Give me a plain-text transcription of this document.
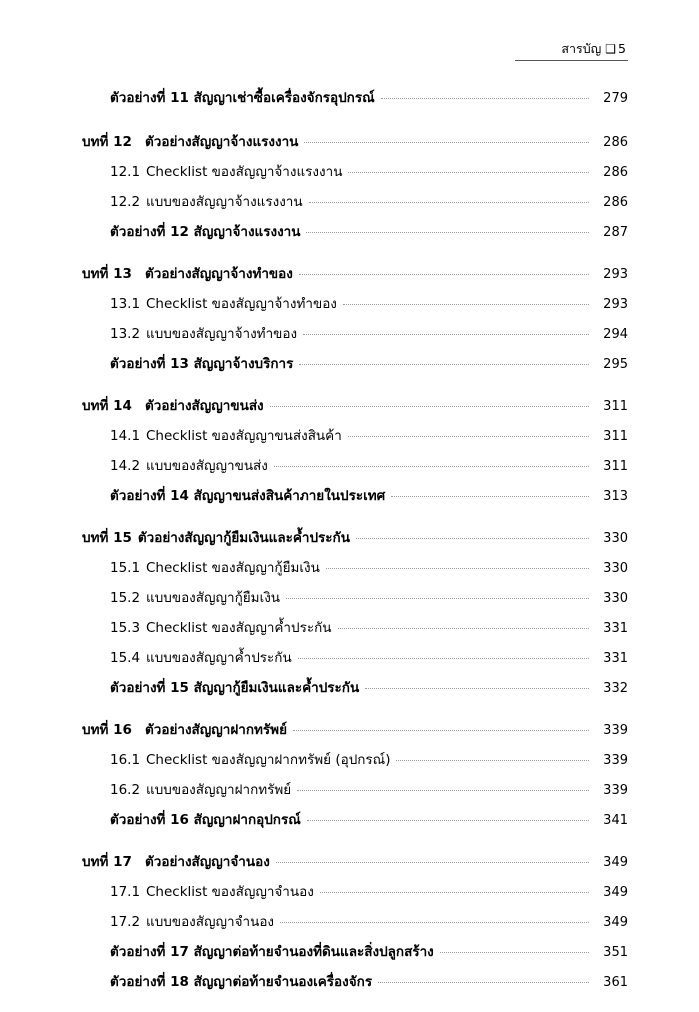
สารบัญ ❑ 5
ตัวอย่างที่ 11 สัญญาเช่าซื้อเครื่องจักรอุปกรณ์	279
บทที่ 12 ตัวอย่างสัญญาจ้างแรงงาน	286
12.1 Checklist ของสัญญาจ้างแรงงาน	286
12.2 แบบของสัญญาจ้างแรงงาน	286
ตัวอย่างที่ 12 สัญญาจ้างแรงงาน	287
บทที่ 13 ตัวอย่างสัญญาจ้างทำของ	293
13.1 Checklist ของสัญญาจ้างทำของ	293
13.2 แบบของสัญญาจ้างทำของ	294
ตัวอย่างที่ 13 สัญญาจ้างบริการ	295
บทที่ 14 ตัวอย่างสัญญาขนส่ง	311
14.1 Checklist ของสัญญาขนส่งสินค้า	311
14.2 แบบของสัญญาขนส่ง	311
ตัวอย่างที่ 14 สัญญาขนส่งสินค้าภายในประเทศ	313
บทที่ 15 ตัวอย่างสัญญากู้ยืมเงินและค้ำประกัน	330
15.1 Checklist ของสัญญากู้ยืมเงิน	330
15.2 แบบของสัญญากู้ยืมเงิน	330
15.3 Checklist ของสัญญาค้ำประกัน	331
15.4 แบบของสัญญาค้ำประกัน	331
ตัวอย่างที่ 15 สัญญากู้ยืมเงินและค้ำประกัน	332
บทที่ 16 ตัวอย่างสัญญาฝากทรัพย์	339
16.1 Checklist ของสัญญาฝากทรัพย์ (อุปกรณ์)	339
16.2 แบบของสัญญาฝากทรัพย์	339
ตัวอย่างที่ 16 สัญญาฝากอุปกรณ์	341
บทที่ 17 ตัวอย่างสัญญาจำนอง	349
17.1 Checklist ของสัญญาจำนอง	349
17.2 แบบของสัญญาจำนอง	349
ตัวอย่างที่ 17 สัญญาต่อท้ายจำนองที่ดินและสิ่งปลูกสร้าง	351
ตัวอย่างที่ 18 สัญญาต่อท้ายจำนองเครื่องจักร	361
